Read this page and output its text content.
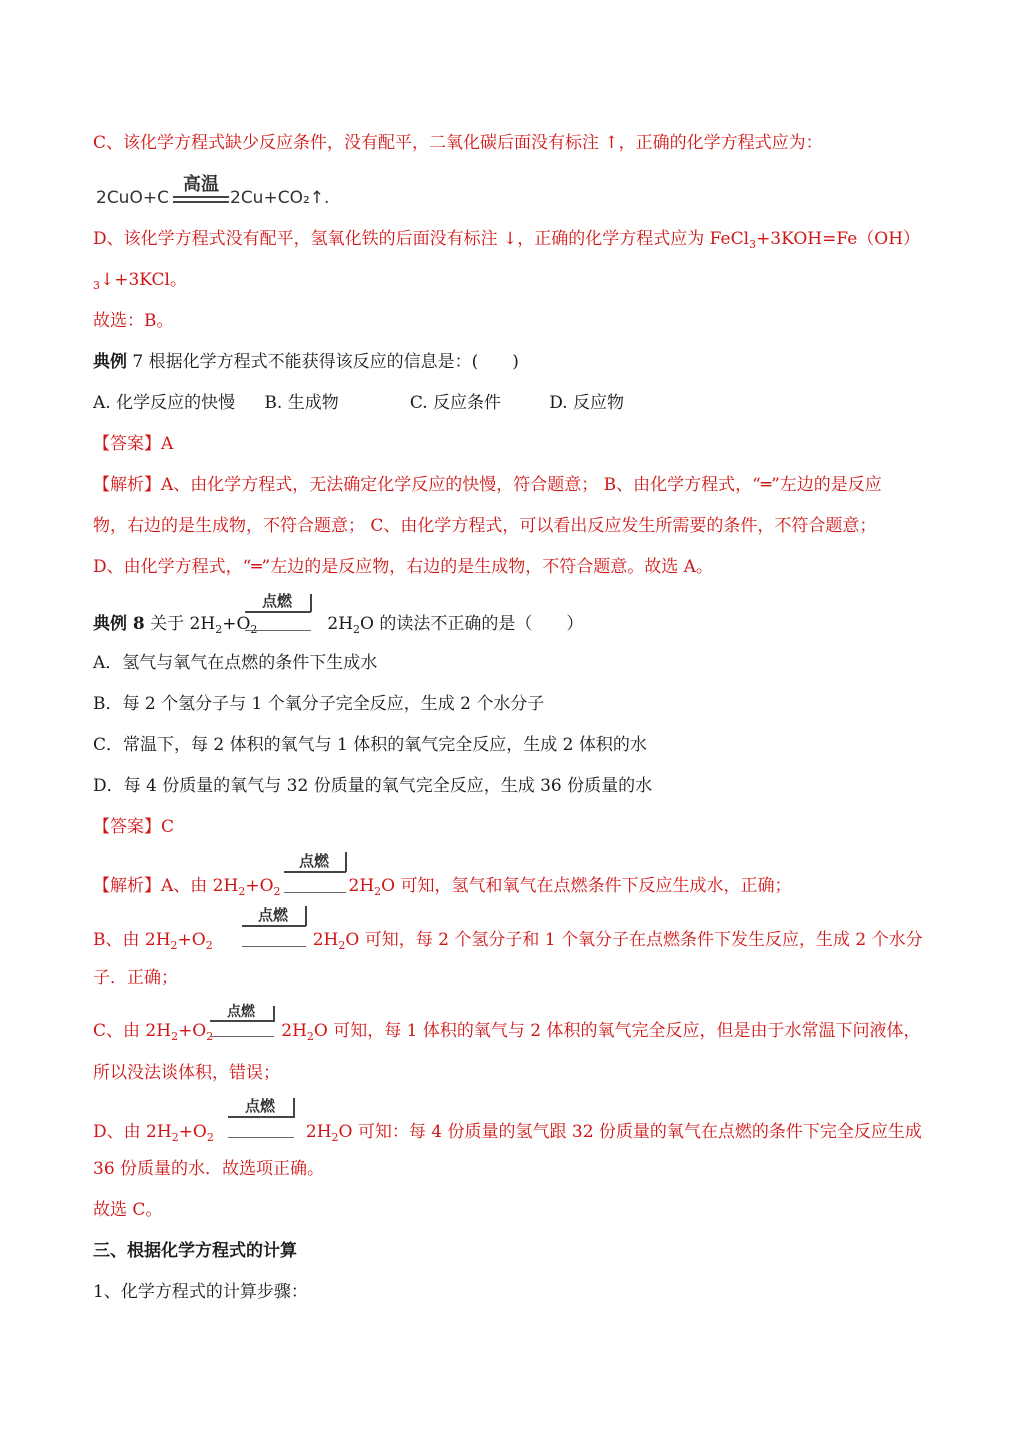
C、该化学方程式缺少反应条件，没有配平，二氧化碳后面没有标注 ↑，正确的化学方程式应为：
2CuO+C
高温
2Cu+CO₂↑.
D、该化学方程式没有配平，氢氧化铁的后面没有标注 ↓，正确的化学方程式应为 FeCl$_3$+3KOH=Fe（OH）
$_3$↓+3KCl。
故选：B。
典例 7 根据化学方程式不能获得该反应的信息是：(　　)
A. 化学反应的快慢 B. 生成物	C. 反应条件	D. 反应物
【答案】A
【解析】A、由化学方程式，无法确定化学反应的快慢，符合题意； B、由化学方程式，“═”左边的是反应
物，右边的是生成物，不符合题意； C、由化学方程式，可以看出反应发生所需要的条件，不符合题意；
D、由化学方程式，“═”左边的是反应物，右边的是生成物，不符合题意。故选 A。
典例 8 关于 $2H_2+O_2$	$2H_2O$ 的读法不正确的是（　　）
点燃
A．氢气与氧气在点燃的条件下生成水
B．每 2 个氢分子与 1 个氧分子完全反应，生成 2 个水分子
C．常温下，每 2 体积的氧气与 1 体积的氧气完全反应，生成 2 体积的水
D．每 4 份质量的氧气与 32 份质量的氧气完全反应，生成 36 份质量的水
【答案】C
【解析】A、由 $2H_2+O_2$	$2H_2O$ 可知，氢气和氧气在点燃条件下反应生成水，正确；
点燃
B、由 $2H_2+O_2$	$2H_2O$ 可知，每 2 个氢分子和 1 个氧分子在点燃条件下发生反应，生成 2 个水分
点燃
子．正确；
C、由 $2H_2+O_2$	$2H_2O$ 可知，每 1 体积的氧气与 2 体积的氧气完全反应，但是由于水常温下问液体，
点燃
所以没法谈体积，错误；
D、由 $2H_2+O_2$	$2H_2O$ 可知：每 4 份质量的氢气跟 32 份质量的氧气在点燃的条件下完全反应生成
点燃
36 份质量的水．故选项正确。
故选 C。
三、根据化学方程式的计算
1、化学方程式的计算步骤：
